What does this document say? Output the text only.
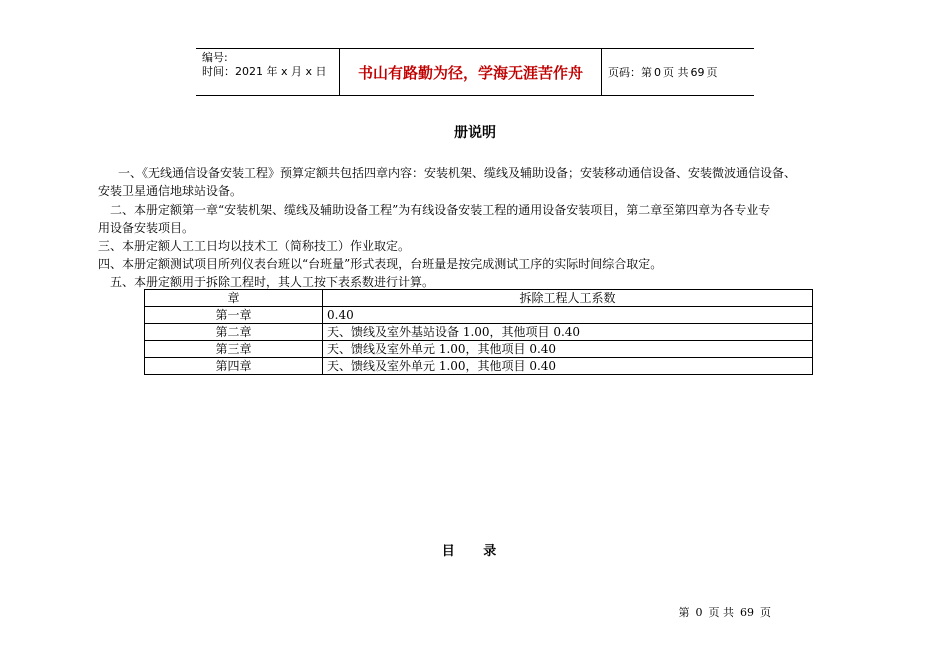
编号:
时间：2021 年 x 月 x 日	书山有路勤为径，学海无涯苦作舟	页码：第 0 页 共 69 页
册说明
一、《无线通信设备安装工程》预算定额共包括四章内容：安装机架、缆线及辅助设备；安装移动通信设备、安装微波通信设备、
安装卫星通信地球站设备。
二、本册定额第一章“安装机架、缆线及辅助设备工程”为有线设备安装工程的通用设备安装项目，第二章至第四章为各专业专
用设备安装项目。
三、本册定额人工工日均以技术工（简称技工）作业取定。
四、本册定额测试项目所列仪表台班以“台班量”形式表现，台班量是按完成测试工序的实际时间综合取定。
五、本册定额用于拆除工程时，其人工按下表系数进行计算。
章	拆除工程人工系数
第一章	0.40
第二章	天、馈线及室外基站设备 1.00，其他项目 0.40
第三章	天、馈线及室外单元 1.00，其他项目 0.40
第四章	天、馈线及室外单元 1.00，其他项目 0.40
目 录
第 0 页 共 69 页
